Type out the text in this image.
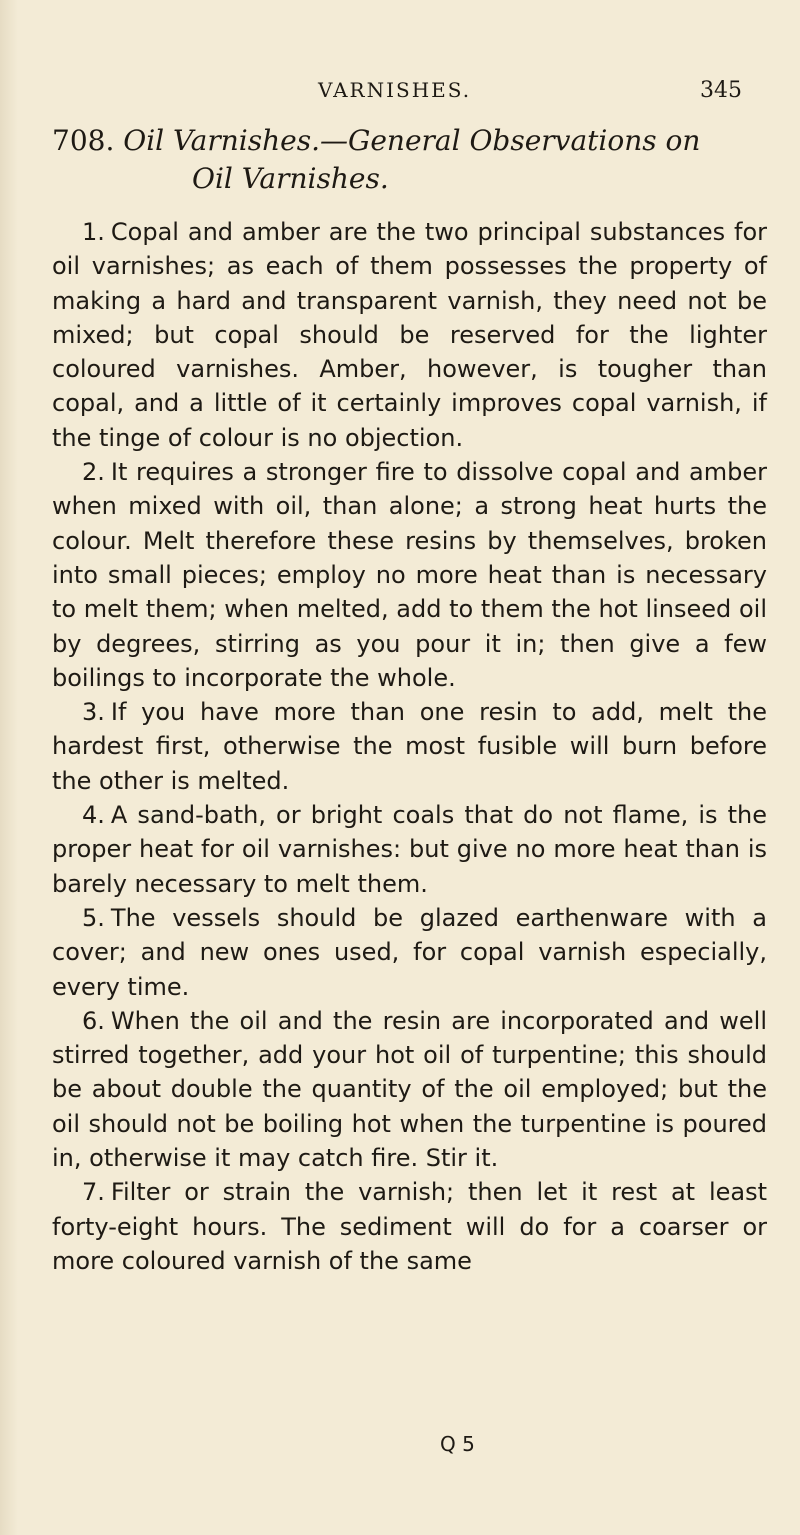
VARNISHES.	345
708. Oil Varnishes.—General Observations on
Oil Varnishes.

1. Copal and amber are the two principal substances for oil varnishes; as each of them possesses the property of making a hard and transparent varnish, they need not be mixed; but copal should be reserved for the lighter coloured varnishes. Amber, however, is tougher than copal, and a little of it certainly improves copal varnish, if the tinge of colour is no objection.

2. It requires a stronger fire to dissolve copal and amber when mixed with oil, than alone; a strong heat hurts the colour. Melt therefore these resins by themselves, broken into small pieces; employ no more heat than is necessary to melt them; when melted, add to them the hot linseed oil by degrees, stirring as you pour it in; then give a few boilings to incorporate the whole.

3. If you have more than one resin to add, melt the hardest first, otherwise the most fusible will burn before the other is melted.

4. A sand-bath, or bright coals that do not flame, is the proper heat for oil varnishes: but give no more heat than is barely necessary to melt them.

5. The vessels should be glazed earthenware with a cover; and new ones used, for copal varnish especially, every time.

6. When the oil and the resin are incorporated and well stirred together, add your hot oil of turpentine; this should be about double the quantity of the oil employed; but the oil should not be boiling hot when the turpentine is poured in, otherwise it may catch fire. Stir it.

7. Filter or strain the varnish; then let it rest at least forty-eight hours. The sediment will do for a coarser or more coloured varnish of the same

Q 5
